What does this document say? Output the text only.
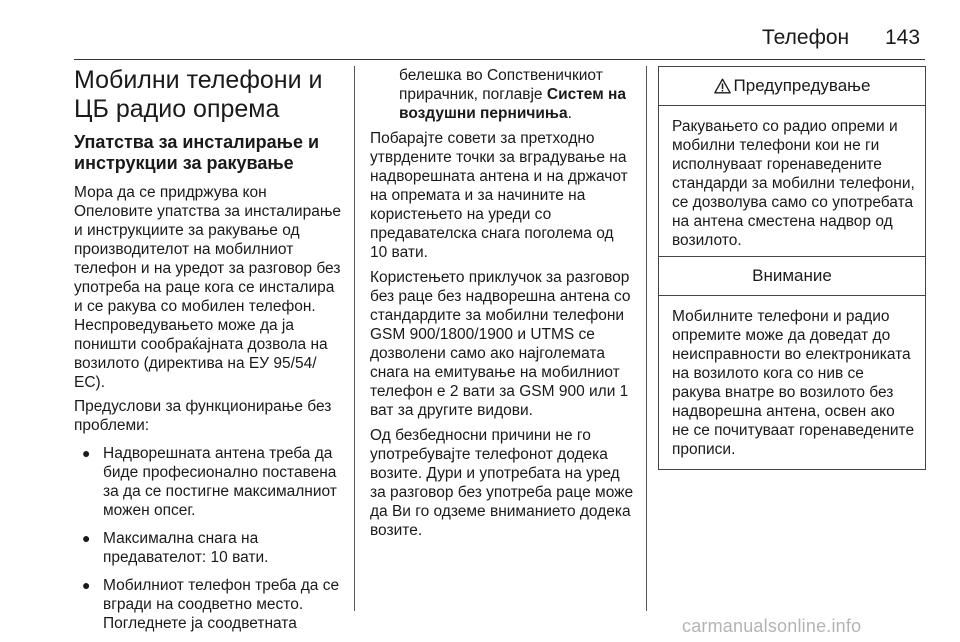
Телефон 143
Мобилни телефони и ЦБ радио опрема
Упатства за инсталирање и инструкции за ракување

Мора да се придржува кон Опеловите упатства за инсталирање и инструкциите за ракување од производителот на мобилниот телефон и на уредот за разговор без употреба на раце кога се инсталира и се ракува со мобилен телефон.

Неспроведувањето може да ја поништи сообраќајната дозвола на возилото (директива на ЕУ 95/54/ЕС).

Предуслови за функционирање без проблеми:

● Надворешната антена треба да биде професионално поставена за да се постигне максималниот можен опсег.
● Максимална снага на предавателот: 10 вати.
● Мобилниот телефон треба да се вгради на соодветно место. Погледнете ја соодветната

белешка во Сопственичкиот прирачник, поглавје Систем на воздушни перничиња.

Побарајте совети за претходно утврдените точки за вградување на надворешната антена и на држачот на опремата и за начините на користењето на уреди со предавателска снага поголема од 10 вати.

Користењето приклучок за разговор без раце без надворешна антена со стандардите за мобилни телефони GSM 900/1800/1900 и UTMS се дозволени само ако најголемата снага на емитување на мобилниот телефон е 2 вати за GSM 900 или 1 ват за другите видови.

Од безбедносни причини не го употребувајте телефонот додека возите. Дури и употребата на уред за разговор без употреба раце може да Ви го одземе вниманието додека возите.

Предупредување
Ракувањето со радио опреми и мобилни телефони кои не ги исполнуваат горенаведените стандарди за мобилни телефони, се дозволува само со употребата на антена сместена надвор од возилото.
Внимание
Мобилните телефони и радио опремите може да доведат до неисправности во електрониката на возилото кога со нив се ракува внатре во возилото без надворешна антена, освен ако не се почитуваат горенаведените прописи.
carmanualsonline.info
